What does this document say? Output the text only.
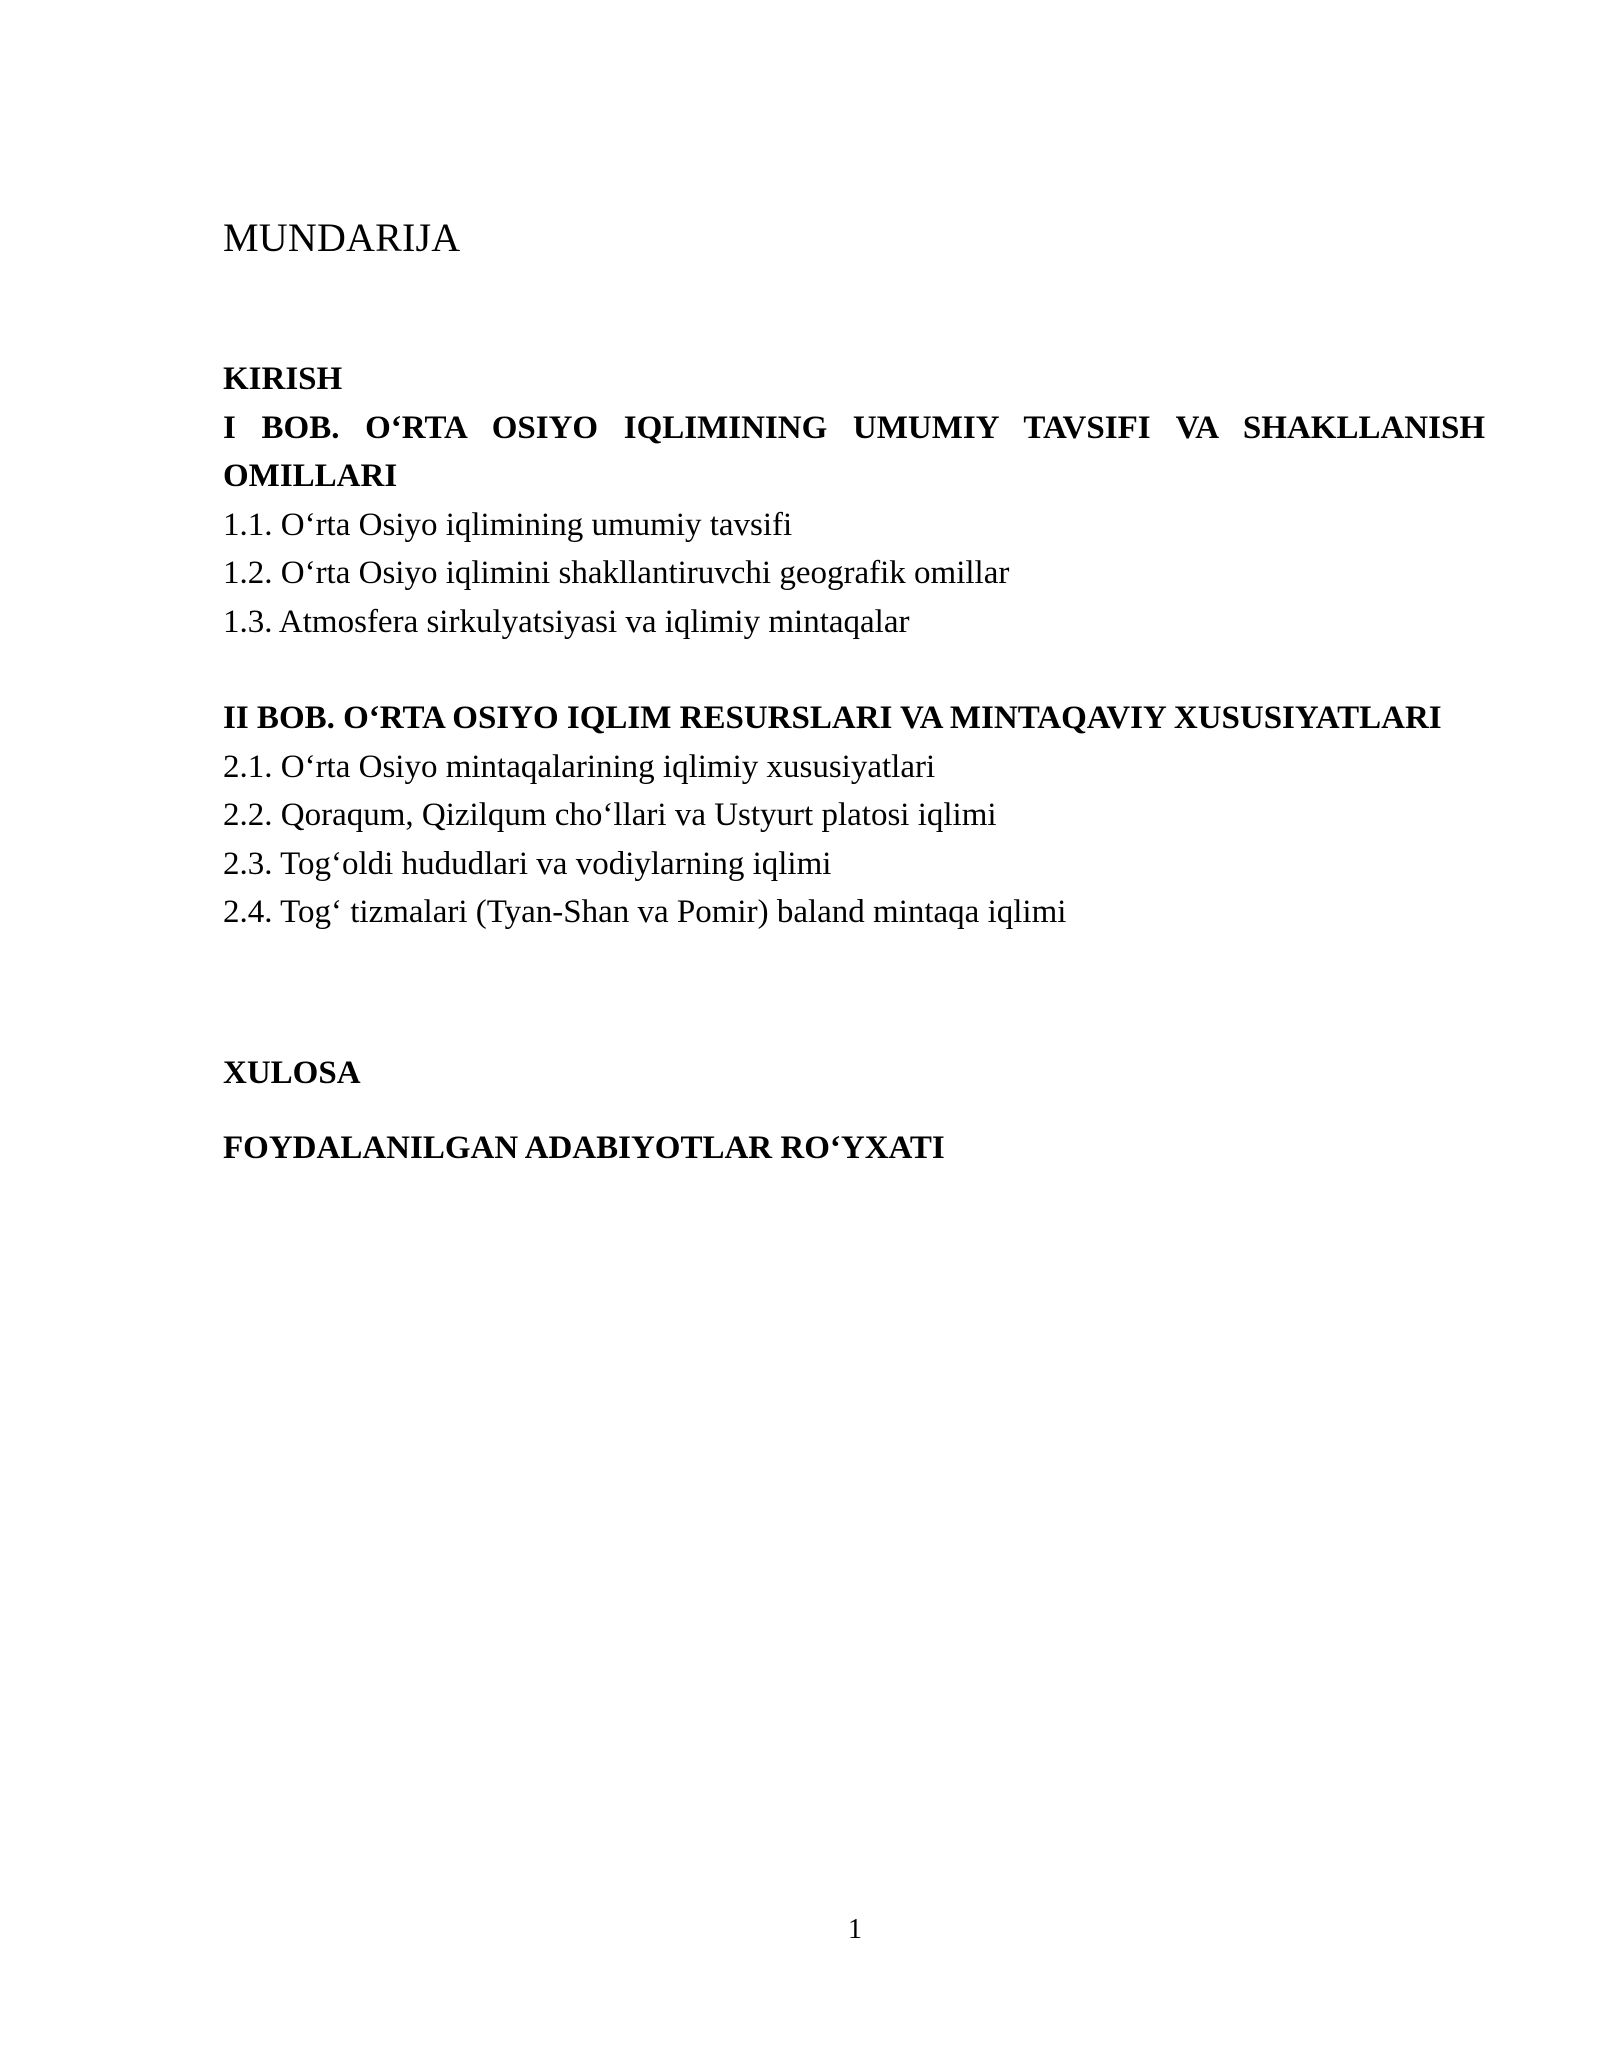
MUNDARIJA

KIRISH

I BOB. O‘RTA OSIYO IQLIMINING UMUMIY TAVSIFI VA SHAKLLANISH OMILLARI

1.1. O‘rta Osiyo iqlimining umumiy tavsifi

1.2. O‘rta Osiyo iqlimini shakllantiruvchi geografik omillar

1.3. Atmosfera sirkulyatsiyasi va iqlimiy mintaqalar

II BOB. O‘RTA OSIYO IQLIM RESURSLARI VA MINTAQAVIY XUSUSIYATLARI

2.1. O‘rta Osiyo mintaqalarining iqlimiy xususiyatlari

2.2. Qoraqum, Qizilqum cho‘llari va Ustyurt platosi iqlimi

2.3. Tog‘oldi hududlari va vodiylarning iqlimi

2.4. Tog‘ tizmalari (Tyan-Shan va Pomir) baland mintaqa iqlimi

XULOSA

FOYDALANILGAN ADABIYOTLAR RO‘YXATI

1
